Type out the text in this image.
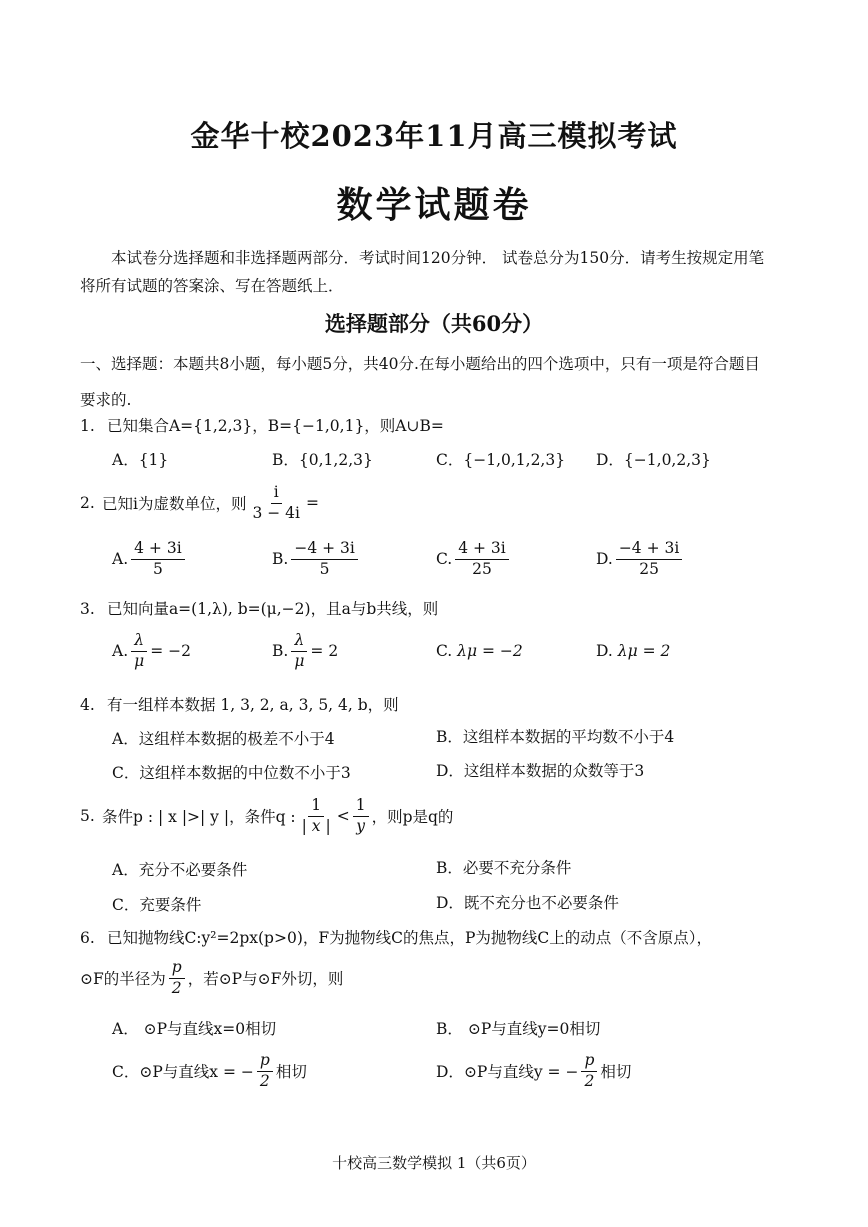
金华十校2023年11月高三模拟考试
数学试题卷
本试卷分选择题和非选择题两部分．考试时间120分钟． 试卷总分为150分．请考生按规定用笔将所有试题的答案涂、写在答题纸上．
选择题部分（共60分）
一、选择题：本题共8小题，每小题5分，共40分.在每小题给出的四个选项中，只有一项是符合题目要求的.
1. 已知集合A={1,2,3}，B={−1,0,1}，则A∪B=
A．{1}	B．{0,1,2,3}	C．{−1,0,1,2,3} D．{−1,0,2,3}
2. 已知i为虚数单位，则 $\frac{i}{3 - 4i}$ =
A. $\frac{4 + 3i}{5}$	B. $\frac{-4 + 3i}{5}$	C. $\frac{4 + 3i}{25}$	D. $\frac{-4 + 3i}{25}$
3. 已知向量a=(1,λ), b=(μ,−2)，且a与b共线，则
A. $\frac{\lambda}{\mu} = -2$	B. $\frac{\lambda}{\mu} = 2$	C. λμ = −2	D. λμ = 2
4. 有一组样本数据 1, 3, 2, a, 3, 5, 4, b，则
A．这组样本数据的极差不小于4	B．这组样本数据的平均数不小于4
C．这组样本数据的中位数不小于3	D．这组样本数据的众数等于3
5. 条件p : | x |>| y |，条件q : $\frac{1}{| x |} < \frac{1}{y}$ ，则p是q的
A．充分不必要条件	B．必要不充分条件
C．充要条件	D．既不充分也不必要条件
6. 已知抛物线C:y²=2px(p>0)，F为抛物线C的焦点，P为抛物线C上的动点（不含原点），
⊙F的半径为 $\frac{p}{2}$ ，若⊙P与⊙F外切，则
A． ⊙P与直线x=0相切	B． ⊙P与直线y=0相切
C． ⊙P与直线x = − $\frac{p}{2}$ 相切	D． ⊙P与直线y = − $\frac{p}{2}$ 相切
十校高三数学模拟 1（共6页）
